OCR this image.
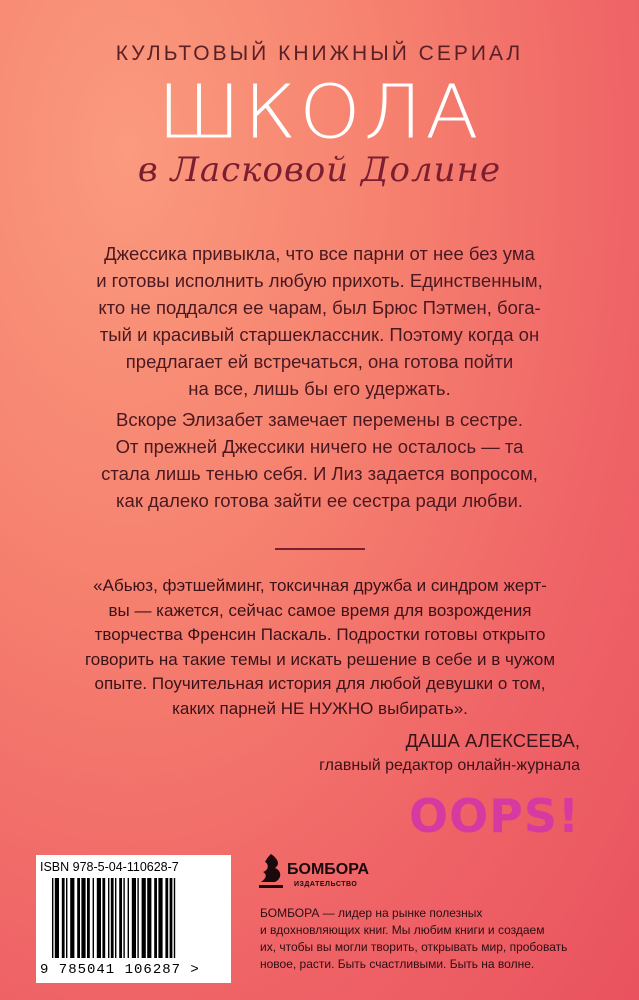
КУЛЬТОВЫЙ КНИЖНЫЙ СЕРИАЛ
ШКОЛА
в Ласковой Долине

Джессика привыкла, что все парни от нее без ума

и готовы исполнить любую прихоть. Единственным,

кто не поддался ее чарам, был Брюс Пэтмен, бога-

тый и красивый старшеклассник. Поэтому когда он

предлагает ей встречаться, она готова пойти

на все, лишь бы его удержать.

Вскоре Элизабет замечает перемены в сестре.

От прежней Джессики ничего не осталось — та

стала лишь тенью себя. И Лиз задается вопросом,

как далеко готова зайти ее сестра ради любви.

«Абьюз, фэтшейминг, токсичная дружба и синдром жерт-

вы — кажется, сейчас самое время для возрождения

творчества Френсин Паскаль. Подростки готовы открыто

говорить на такие темы и искать решение в себе и в чужом

опыте. Поучительная история для любой девушки о том,

каких парней НЕ НУЖНО выбирать».

ДАША АЛЕКСЕЕВА,
главный редактор онлайн-журнала
OOPS!
ISBN 978-5-04-110628-7
9 785041 106287 >
БОМБОРА
ИЗДАТЕЛЬСТВО

БОМБОРА — лидер на рынке полезных

и вдохновляющих книг. Мы любим книги и создаем

их, чтобы вы могли творить, открывать мир, пробовать

новое, расти. Быть счастливыми. Быть на волне.
